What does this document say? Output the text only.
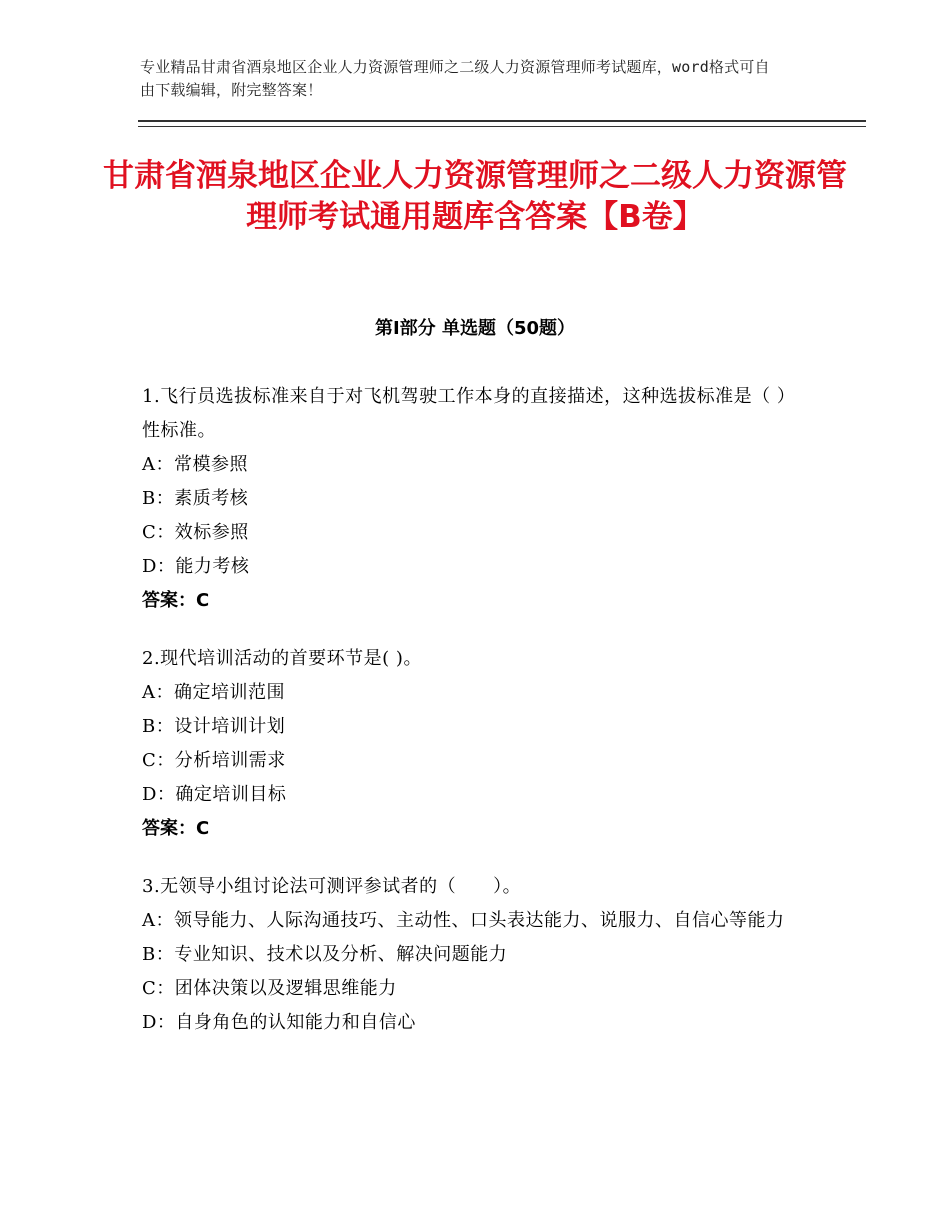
专业精品甘肃省酒泉地区企业人力资源管理师之二级人力资源管理师考试题库，word格式可自由下载编辑，附完整答案！
甘肃省酒泉地区企业人力资源管理师之二级人力资源管理师考试通用题库含答案【B卷】
第Ⅰ部分 单选题（50题）
1.飞行员选拔标准来自于对飞机驾驶工作本身的直接描述，这种选拔标准是（ ）性标准。
A：常模参照
B：素质考核
C：效标参照
D：能力考核
答案：C
2.现代培训活动的首要环节是( )。
A：确定培训范围
B：设计培训计划
C：分析培训需求
D：确定培训目标
答案：C
3.无领导小组讨论法可测评参试者的（　　）。
A：领导能力、人际沟通技巧、主动性、口头表达能力、说服力、自信心等能力
B：专业知识、技术以及分析、解决问题能力
C：团体决策以及逻辑思维能力
D：自身角色的认知能力和自信心
